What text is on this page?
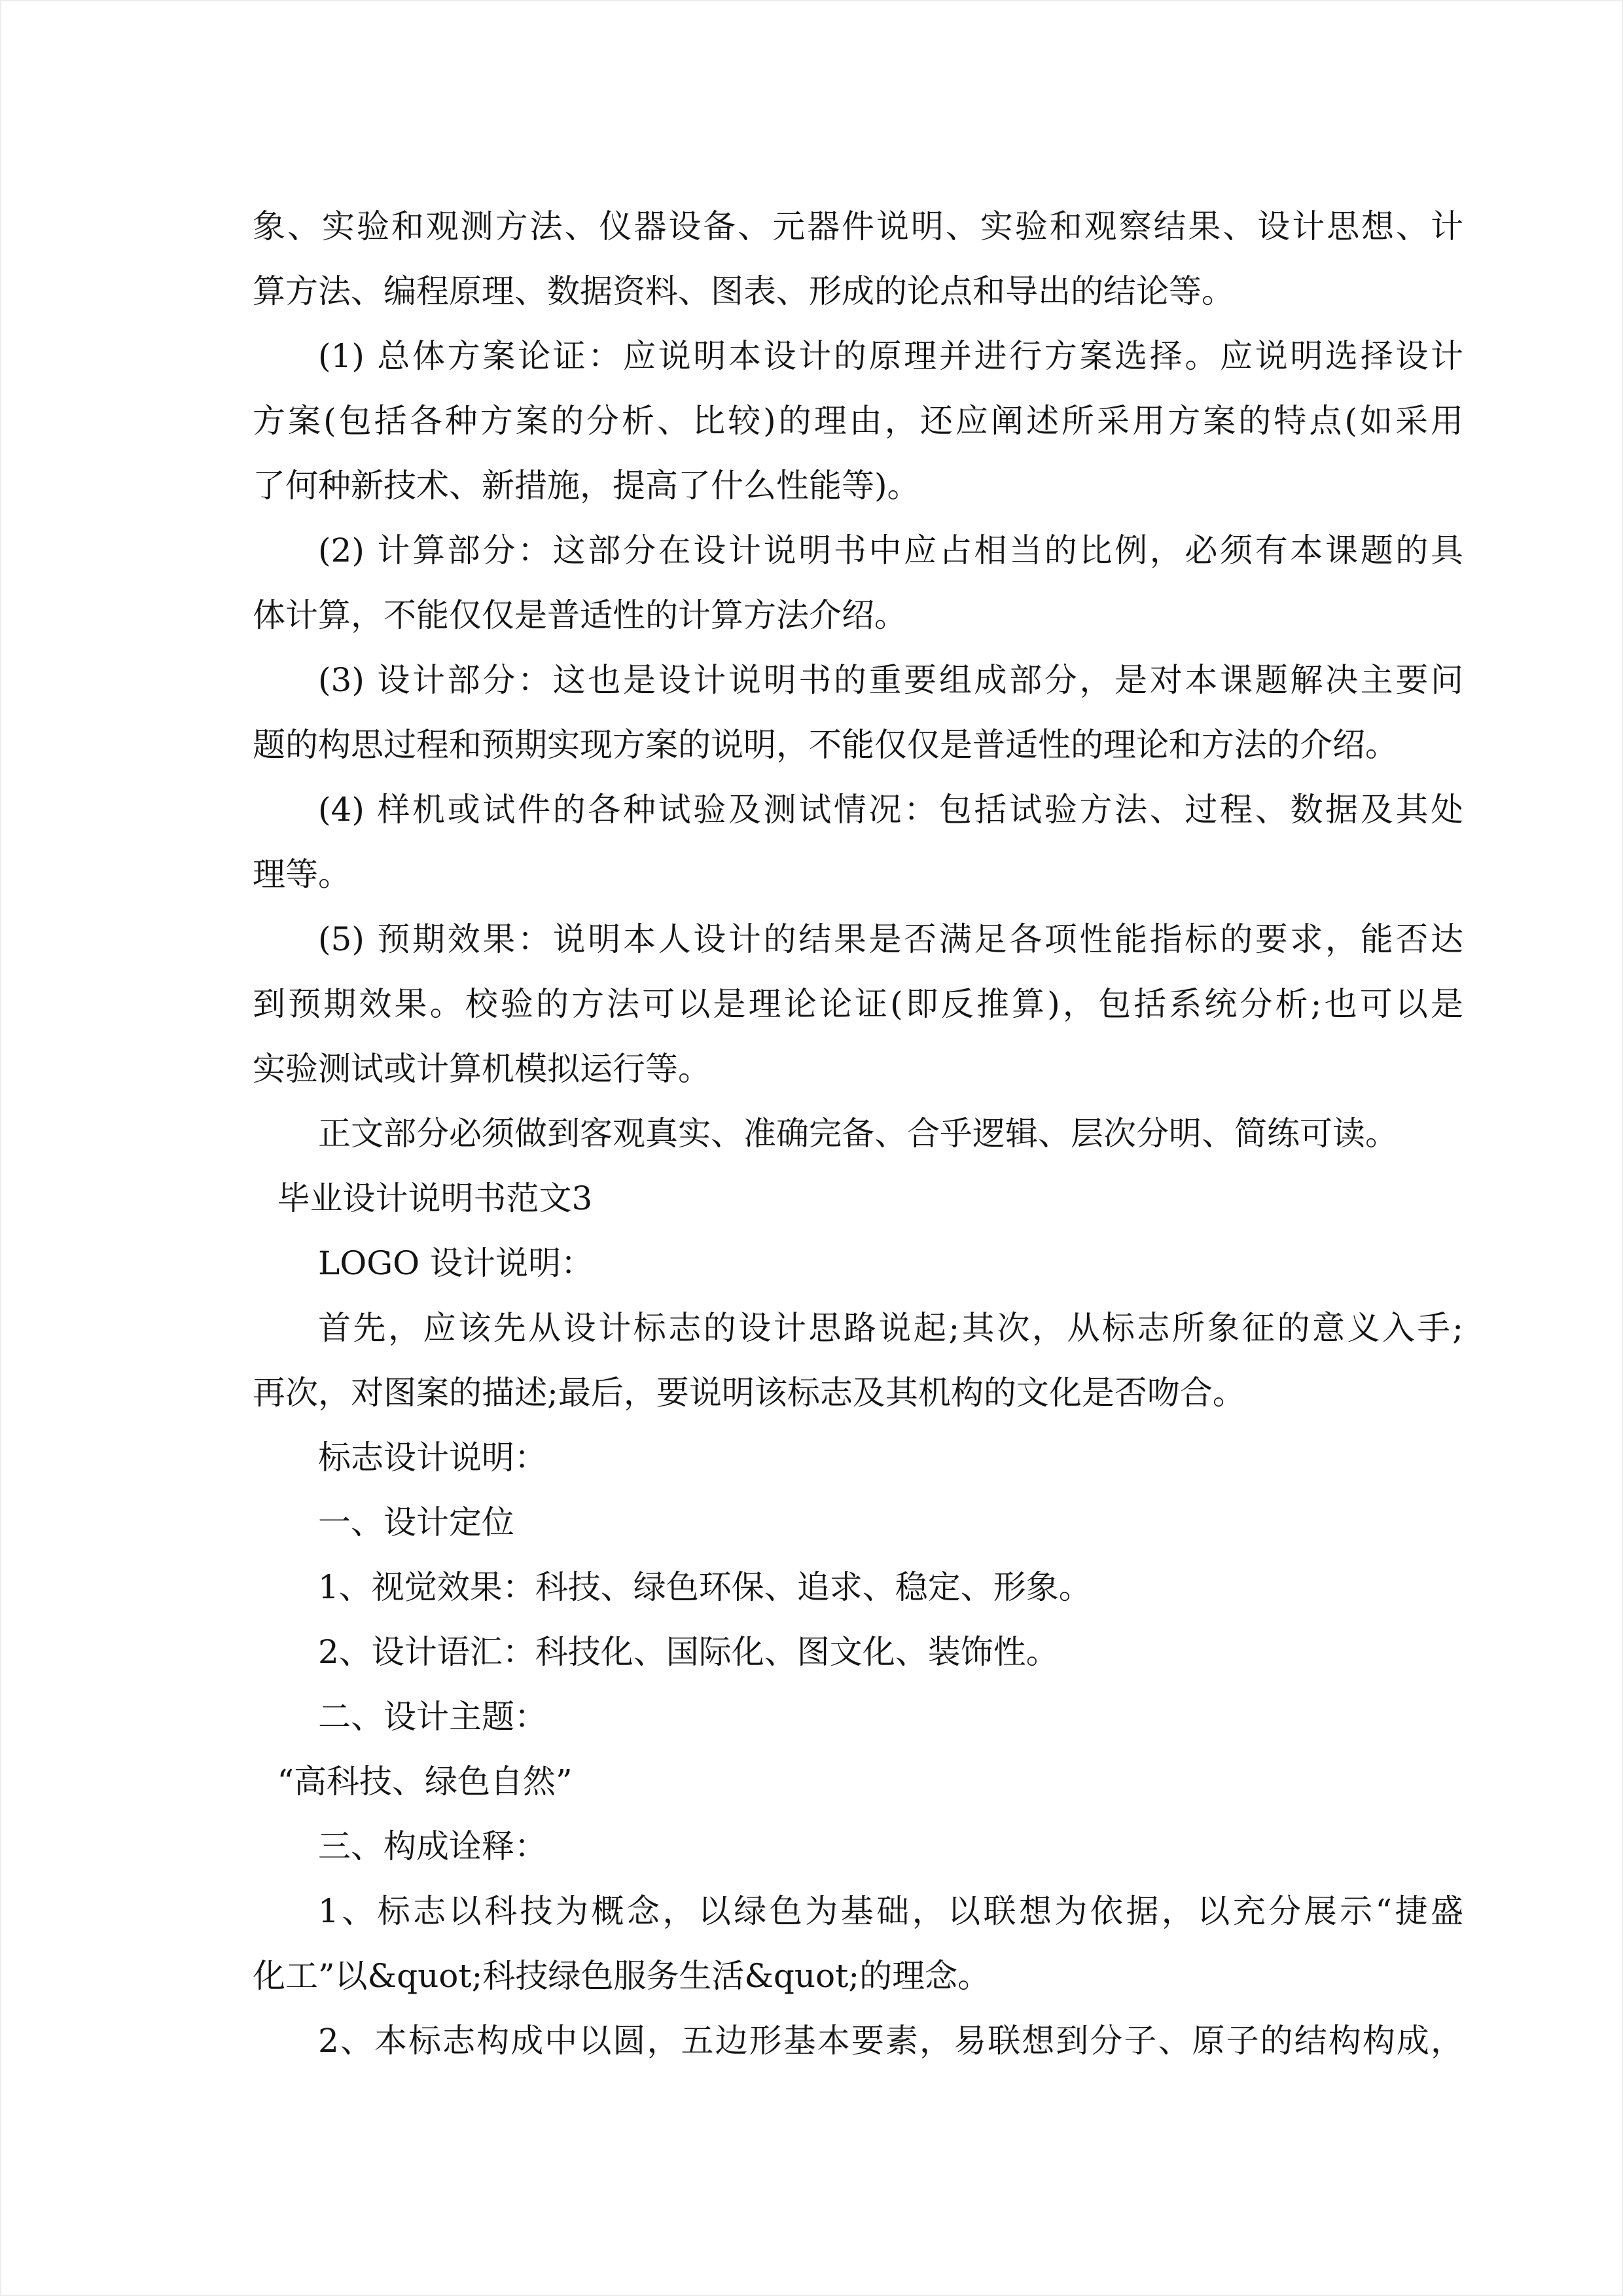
象、实验和观测方法、仪器设备、元器件说明、实验和观察结果、设计思想、计
算方法、编程原理、数据资料、图表、形成的论点和导出的结论等。
(1) 总体方案论证：应说明本设计的原理并进行方案选择。应说明选择设计
方案(包括各种方案的分析、比较)的理由，还应阐述所采用方案的特点(如采用
了何种新技术、新措施，提高了什么性能等)。
(2) 计算部分：这部分在设计说明书中应占相当的比例，必须有本课题的具
体计算，不能仅仅是普适性的计算方法介绍。
(3) 设计部分：这也是设计说明书的重要组成部分，是对本课题解决主要问
题的构思过程和预期实现方案的说明，不能仅仅是普适性的理论和方法的介绍。
(4) 样机或试件的各种试验及测试情况：包括试验方法、过程、数据及其处
理等。
(5) 预期效果：说明本人设计的结果是否满足各项性能指标的要求，能否达
到预期效果。校验的方法可以是理论论证(即反推算)，包括系统分析;也可以是
实验测试或计算机模拟运行等。
正文部分必须做到客观真实、准确完备、合乎逻辑、层次分明、简练可读。
毕业设计说明书范文3
LOGO 设计说明：
首先，应该先从设计标志的设计思路说起;其次，从标志所象征的意义入手;
再次，对图案的描述;最后，要说明该标志及其机构的文化是否吻合。
标志设计说明：
一、设计定位
1、视觉效果：科技、绿色环保、追求、稳定、形象。
2、设计语汇：科技化、国际化、图文化、装饰性。
二、设计主题：
“高科技、绿色自然”
三、构成诠释：
1、标志以科技为概念，以绿色为基础，以联想为依据，以充分展示“捷盛
化工”以&quot;科技绿色服务生活&quot;的理念。
2、本标志构成中以圆，五边形基本要素，易联想到分子、原子的结构构成，
